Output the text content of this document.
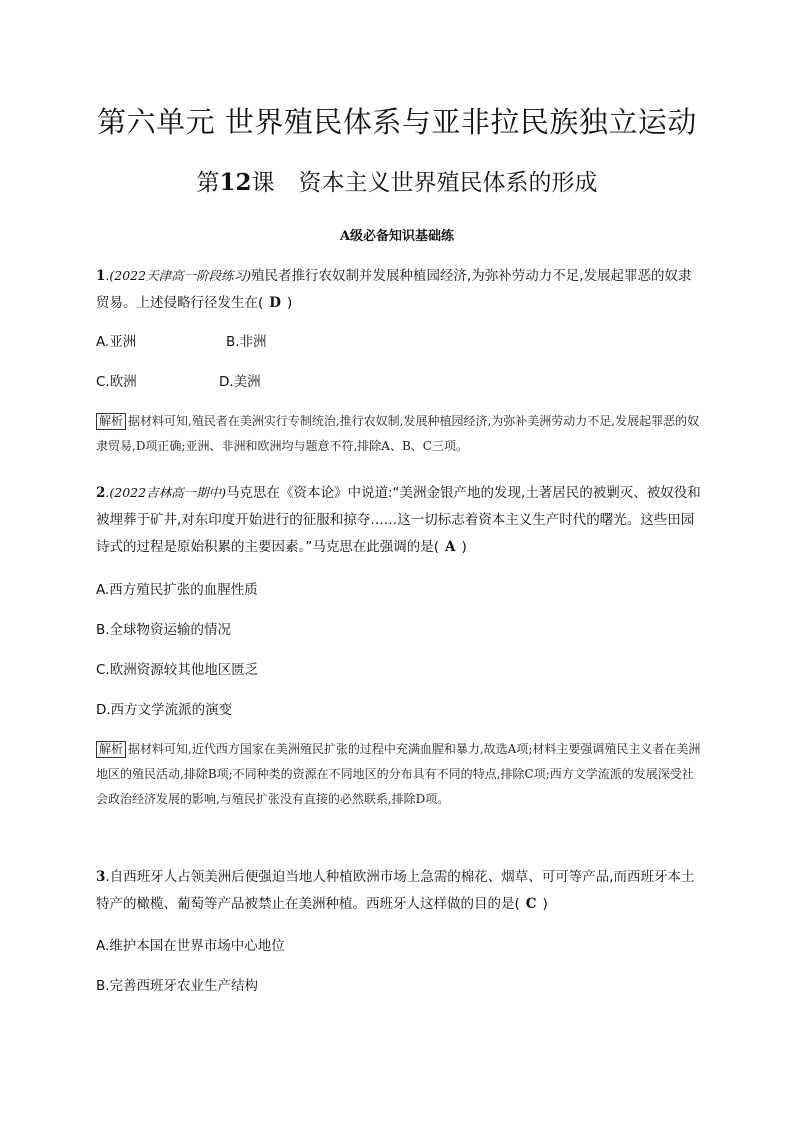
第六单元 世界殖民体系与亚非拉民族独立运动
第12课 资本主义世界殖民体系的形成
A级必备知识基础练

1.(2022天津高一阶段练习)殖民者推行农奴制并发展种植园经济,为弥补劳动力不足,发展起罪恶的奴隶贸易。上述侵略行径发生在( D )

A.亚洲	B.非洲

C.欧洲	D.美洲

解析 据材料可知,殖民者在美洲实行专制统治,推行农奴制,发展种植园经济,为弥补美洲劳动力不足,发展起罪恶的奴隶贸易,D项正确;亚洲、非洲和欧洲均与题意不符,排除A、B、C三项。

2.(2022吉林高一期中)马克思在《资本论》中说道:“美洲金银产地的发现,土著居民的被剿灭、被奴役和被埋葬于矿井,对东印度开始进行的征服和掠夺……这一切标志着资本主义生产时代的曙光。这些田园诗式的过程是原始积累的主要因素。”马克思在此强调的是( A )

A.西方殖民扩张的血腥性质

B.全球物资运输的情况

C.欧洲资源较其他地区匮乏

D.西方文学流派的演变

解析 据材料可知,近代西方国家在美洲殖民扩张的过程中充满血腥和暴力,故选A项;材料主要强调殖民主义者在美洲地区的殖民活动,排除B项;不同种类的资源在不同地区的分布具有不同的特点,排除C项;西方文学流派的发展深受社会政治经济发展的影响,与殖民扩张没有直接的必然联系,排除D项。

3.自西班牙人占领美洲后便强迫当地人种植欧洲市场上急需的棉花、烟草、可可等产品,而西班牙本土特产的橄榄、葡萄等产品被禁止在美洲种植。西班牙人这样做的目的是( C )

A.维护本国在世界市场中心地位

B.完善西班牙农业生产结构
